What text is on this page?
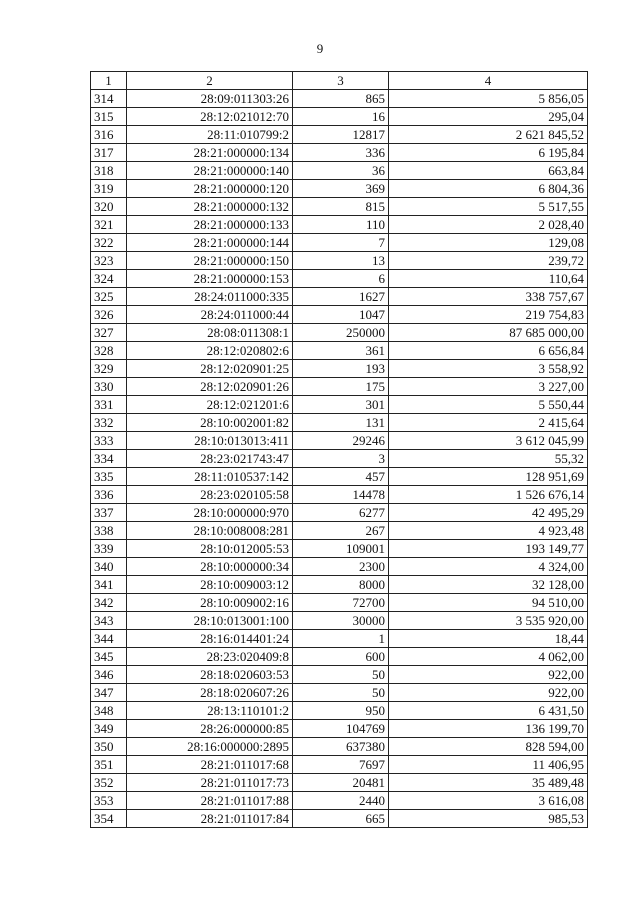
9
1	2	3	4
314	28:09:011303:26	865	5 856,05
315	28:12:021012:70	16	295,04
316	28:11:010799:2	12817	2 621 845,52
317	28:21:000000:134	336	6 195,84
318	28:21:000000:140	36	663,84
319	28:21:000000:120	369	6 804,36
320	28:21:000000:132	815	5 517,55
321	28:21:000000:133	110	2 028,40
322	28:21:000000:144	7	129,08
323	28:21:000000:150	13	239,72
324	28:21:000000:153	6	110,64
325	28:24:011000:335	1627	338 757,67
326	28:24:011000:44	1047	219 754,83
327	28:08:011308:1	250000	87 685 000,00
328	28:12:020802:6	361	6 656,84
329	28:12:020901:25	193	3 558,92
330	28:12:020901:26	175	3 227,00
331	28:12:021201:6	301	5 550,44
332	28:10:002001:82	131	2 415,64
333	28:10:013013:411	29246	3 612 045,99
334	28:23:021743:47	3	55,32
335	28:11:010537:142	457	128 951,69
336	28:23:020105:58	14478	1 526 676,14
337	28:10:000000:970	6277	42 495,29
338	28:10:008008:281	267	4 923,48
339	28:10:012005:53	109001	193 149,77
340	28:10:000000:34	2300	4 324,00
341	28:10:009003:12	8000	32 128,00
342	28:10:009002:16	72700	94 510,00
343	28:10:013001:100	30000	3 535 920,00
344	28:16:014401:24	1	18,44
345	28:23:020409:8	600	4 062,00
346	28:18:020603:53	50	922,00
347	28:18:020607:26	50	922,00
348	28:13:110101:2	950	6 431,50
349	28:26:000000:85	104769	136 199,70
350	28:16:000000:2895	637380	828 594,00
351	28:21:011017:68	7697	11 406,95
352	28:21:011017:73	20481	35 489,48
353	28:21:011017:88	2440	3 616,08
354	28:21:011017:84	665	985,53
